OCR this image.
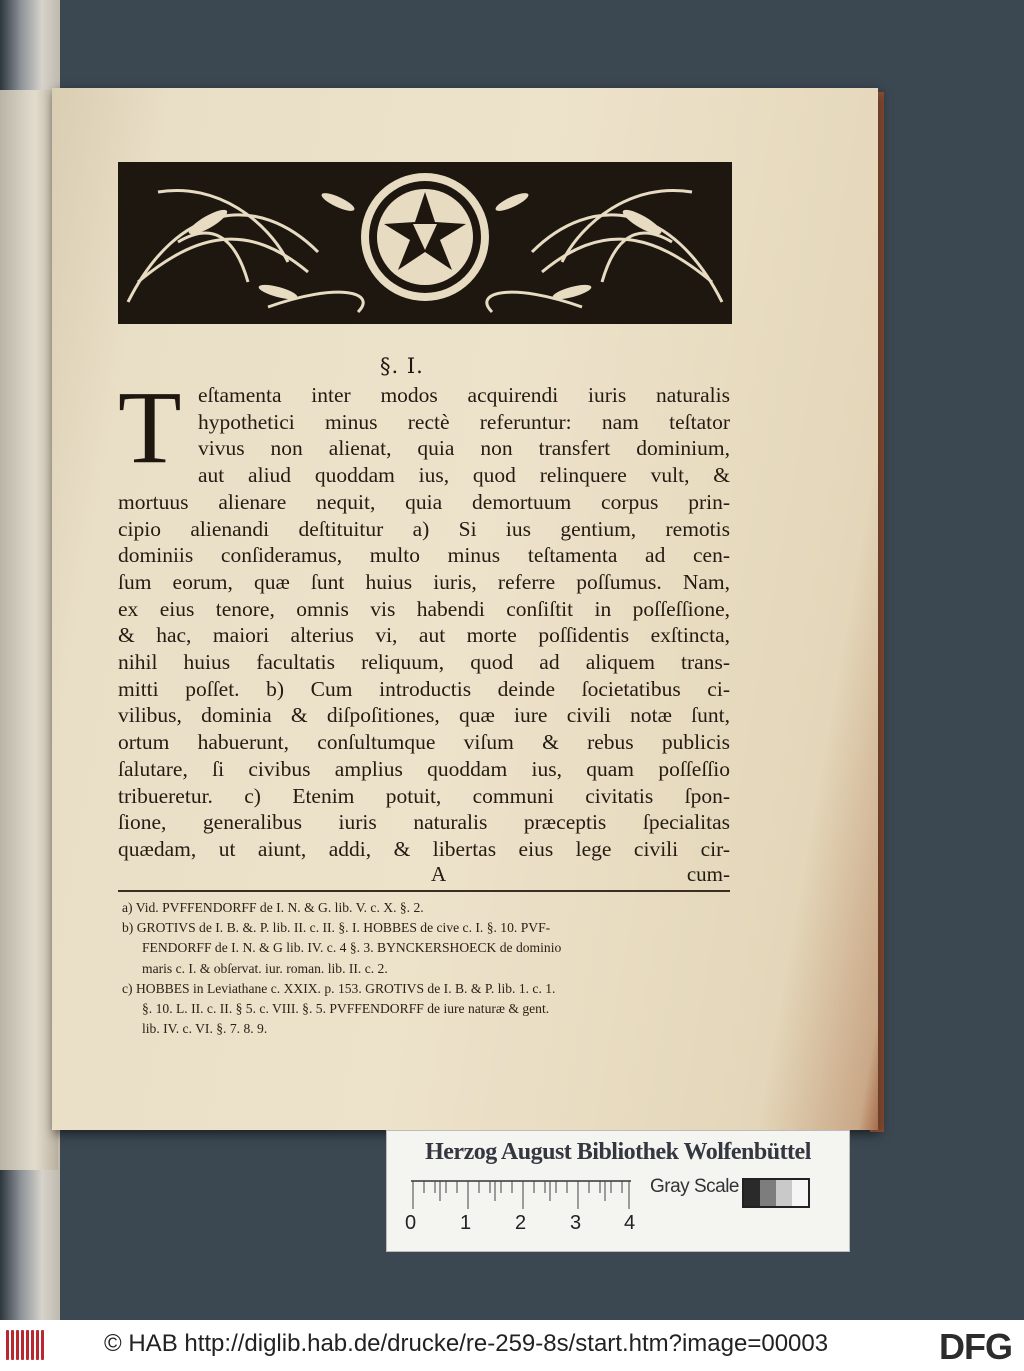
§. I.
T eſtamenta inter modos acquirendi iuris naturalis
hypothetici minus rectè referuntur: nam teſtator
vivus non alienat, quia non transfert dominium,
aut aliud quoddam ius, quod relinquere vult, &
mortuus alienare nequit, quia demortuum corpus prin-
cipio alienandi deſtituitur a) Si ius gentium, remotis
dominiis conſideramus, multo minus teſtamenta ad cen-
ſum eorum, quæ ſunt huius iuris, referre poſſumus. Nam,
ex eius tenore, omnis vis habendi conſiſtit in poſſeſſione,
& hac, maiori alterius vi, aut morte poſſidentis exſtincta,
nihil huius facultatis reliquum, quod ad aliquem trans-
mitti poſſet. b) Cum introductis deinde ſocietatibus ci-
vilibus, dominia & diſpoſitiones, quæ iure civili notæ ſunt,
ortum habuerunt, conſultumque viſum & rebus publicis
ſalutare, ſi civibus amplius quoddam ius, quam poſſeſſio
tribueretur. c) Etenim potuit, communi civitatis ſpon-
ſione, generalibus iuris naturalis præceptis ſpecialitas
quædam, ut aiunt, addi, & libertas eius lege civili cir-
A	cum-
a) Vid. PVFFENDORFF de I. N. & G. lib. V. c. X. §. 2.
b) GROTIVS de I. B. &. P. lib. II. c. II. §. I. HOBBES de cive c. I. §. 10. PVF-
FENDORFF de I. N. & G lib. IV. c. 4 §. 3. BYNCKERSHOECK de dominio
maris c. I. & obſervat. iur. roman. lib. II. c. 2.
c) HOBBES in Leviathane c. XXIX. p. 153. GROTIVS de I. B. & P. lib. 1. c. 1.
§. 10. L. II. c. II. § 5. c. VIII. §. 5. PVFFENDORFF de iure naturæ & gent.
lib. IV. c. VI. §. 7. 8. 9.
Herzog August Bibliothek Wolfenbüttel
0 1 2 3 4
Gray Scale
© HAB http://diglib.hab.de/drucke/re-259-8s/start.htm?image=00003	DFG
